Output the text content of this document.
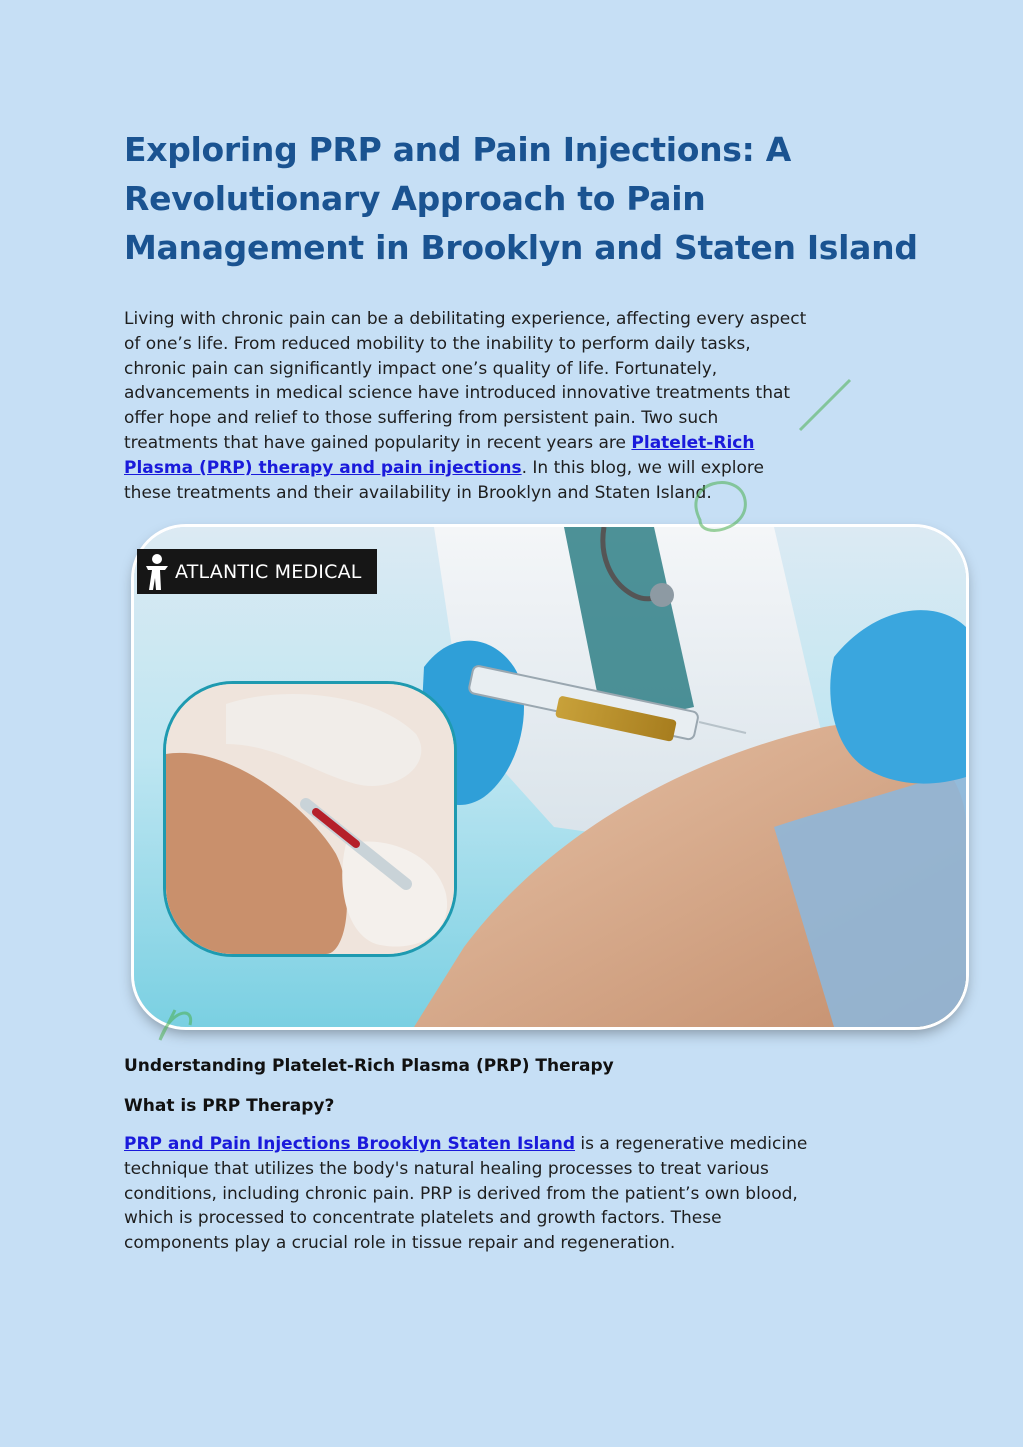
Exploring PRP and Pain Injections: A
Revolutionary Approach to Pain
Management in Brooklyn and Staten Island

Living with chronic pain can be a debilitating experience, affecting every aspect
of one’s life. From reduced mobility to the inability to perform daily tasks,
chronic pain can significantly impact one’s quality of life. Fortunately,
advancements in medical science have introduced innovative treatments that
offer hope and relief to those suffering from persistent pain. Two such
treatments that have gained popularity in recent years are Platelet-Rich
Plasma (PRP) therapy and pain injections. In this blog, we will explore
these treatments and their availability in Brooklyn and Staten Island.

ATLANTIC MEDICAL
Understanding Platelet-Rich Plasma (PRP) Therapy
What is PRP Therapy?

PRP and Pain Injections Brooklyn Staten Island is a regenerative medicine
technique that utilizes the body's natural healing processes to treat various
conditions, including chronic pain. PRP is derived from the patient’s own blood,
which is processed to concentrate platelets and growth factors. These
components play a crucial role in tissue repair and regeneration.
